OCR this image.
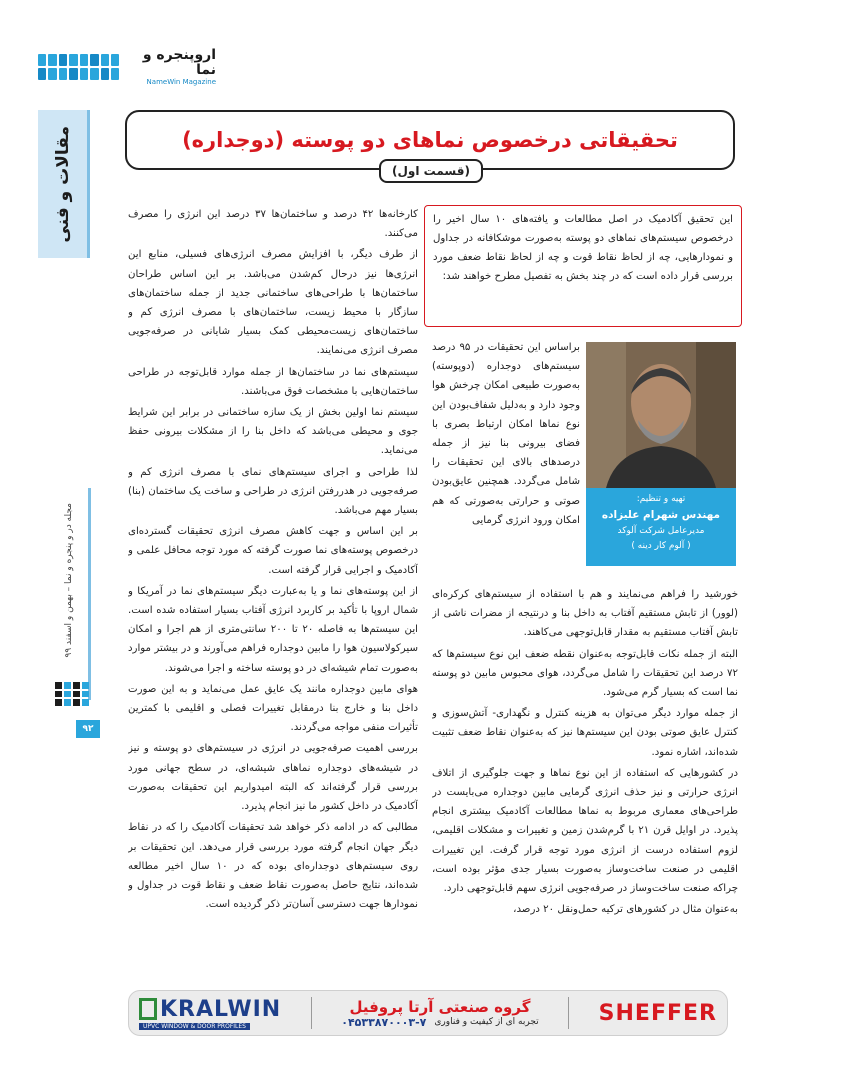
اروپنجره و نما
NameWin Magazine
مقالات و فنی
مجله در و پنجره و نما – بهمن و اسفند ۹۹
۹۲
تحقیقاتی درخصوص نماهای دو پوسته (دوجداره)
(قسمت اول)
این تحقیق آکادمیک در اصل مطالعات و یافته‌های ۱۰ سال اخیر را درخصوص سیستم‌های نماهای دو پوسته به‌صورت موشکافانه در جداول و نمودارهایی، چه از لحاظ نقاط قوت و چه از لحاظ نقاط ضعف مورد بررسی قرار داده است که در چند بخش به تفصیل مطرح خواهند شد:
تهیه و تنظیم:
مهندس شهرام علیزاده
مدیرعامل شرکت آلوکد
( آلوم کار دینه )

براساس این تحقیقات در ۹۵ درصد سیستم‌های دوجداره (دوپوسته) به‌صورت طبیعی امکان چرخش هوا وجود دارد و به‌دلیل شفاف‌بودن این نوع نماها امکان ارتباط بصری با فضای بیرونی بنا نیز از جمله درصدهای بالای این تحقیقات را شامل می‌گردد. همچنین عایق‌بودن صوتی و حرارتی به‌صورتی که هم امکان ورود انرژی گرمایی

خورشید را فراهم می‌نمایند و هم با استفاده از سیستم‌های کرکره‌ای (لوور) از تابش مستقیم آفتاب به داخل بنا و درنتیجه از مضرات ناشی از تابش آفتاب مستقیم به مقدار قابل‌توجهی می‌کاهند.

البته از جمله نکات قابل‌توجه به‌عنوان نقطه ضعف این نوع سیستم‌ها که ۷۲ درصد این تحقیقات را شامل می‌گردد، هوای محبوس مابین دو پوسته نما است که بسیار گرم می‌شود.

از جمله موارد دیگر می‌توان به هزینه کنترل و نگهداری- آتش‌سوزی و کنترل عایق صوتی بودن این سیستم‌ها نیز که به‌عنوان نقاط ضعف تثبیت شده‌اند، اشاره نمود.

در کشورهایی که استفاده از این نوع نماها و جهت جلوگیری از اتلاف انرژی حرارتی و نیز حذف انرژی گرمایی مابین دوجداره می‌بایست در طراحی‌های معماری مربوط به نماها مطالعات آکادمیک بیشتری انجام پذیرد. در اوایل قرن ۲۱ با گرم‌شدن زمین و تغییرات و مشکلات اقلیمی، لزوم استفاده درست از انرژی مورد توجه قرار گرفت. این تغییرات اقلیمی در صنعت ساخت‌وساز به‌صورت بسیار جدی مؤثر بوده است، چراکه صنعت ساخت‌وساز در صرفه‌جویی انرژی سهم قابل‌توجهی دارد.

به‌عنوان مثال در کشورهای ترکیه حمل‌ونقل ۲۰ درصد،

کارخانه‌ها ۴۲ درصد و ساختمان‌ها ۳۷ درصد این انرژی را مصرف می‌کنند.

از طرف دیگر، با افزایش مصرف انرژی‌های فسیلی، منابع این انرژی‌ها نیز درحال کم‌شدن می‌باشد. بر این اساس طراحان ساختمان‌ها با طراحی‌های ساختمانی جدید از جمله ساختمان‌های سازگار با محیط زیست، ساختمان‌های با مصرف انرژی کم و ساختمان‌های زیست‌محیطی کمک بسیار شایانی در صرفه‌جویی مصرف انرژی می‌نمایند.

سیستم‌های نما در ساختمان‌ها از جمله موارد قابل‌توجه در طراحی ساختمان‌هایی با مشخصات فوق می‌باشند.

سیستم نما اولین بخش از یک سازه ساختمانی در برابر این شرایط جوی و محیطی می‌باشد که داخل بنا را از مشکلات بیرونی حفظ می‌نماید.

لذا طراحی و اجرای سیستم‌های نمای با مصرف انرژی کم و صرفه‌جویی در هدررفتن انرژی در طراحی و ساخت یک ساختمان (بنا) بسیار مهم می‌باشد.

بر این اساس و جهت کاهش مصرف انرژی تحقیقات گسترده‌ای درخصوص پوسته‌های نما صورت گرفته که مورد توجه محافل علمی و آکادمیک و اجرایی قرار گرفته است.

از این پوسته‌های نما و یا به‌عبارت دیگر سیستم‌های نما در آمریکا و شمال اروپا با تأکید بر کاربرد انرژی آفتاب بسیار استفاده شده است. این سیستم‌ها به فاصله ۲۰ تا ۲۰۰ سانتی‌متری از هم اجرا و امکان سیرکولاسیون هوا را مابین دوجداره فراهم می‌آورند و در بیشتر موارد به‌صورت تمام شیشه‌ای در دو پوسته ساخته و اجرا می‌شوند.

هوای مابین دوجداره مانند یک عایق عمل می‌نماید و به این صورت داخل بنا و خارج بنا درمقابل تغییرات فصلی و اقلیمی با کمترین تأثیرات منفی مواجه می‌گردند.

بررسی اهمیت صرفه‌جویی در انرژی در سیستم‌های دو پوسته و نیز در شیشه‌های دوجداره نماهای شیشه‌ای، در سطح جهانی مورد بررسی قرار گرفته‌اند که البته امیدواریم این تحقیقات به‌صورت آکادمیک در داخل کشور ما نیز انجام پذیرد.

مطالبی که در ادامه ذکر خواهد شد تحقیقات آکادمیک را که در نقاط دیگر جهان انجام گرفته مورد بررسی قرار می‌دهد. این تحقیقات بر روی سیستم‌های دوجداره‌ای بوده که در ۱۰ سال اخیر مطالعه شده‌اند، نتایج حاصل به‌صورت نقاط ضعف و نقاط قوت در جداول و نمودارها جهت دسترسی آسان‌تر ذکر گردیده است.

KRALWIN
UPVC WINDOW & DOOR PROFILES
گروه صنعتی آرتا پروفیل
تجربه ای از کیفیت و فناوری
۰۴۵۳۳۸۷۰۰۰۳-۷	SHEFFER
